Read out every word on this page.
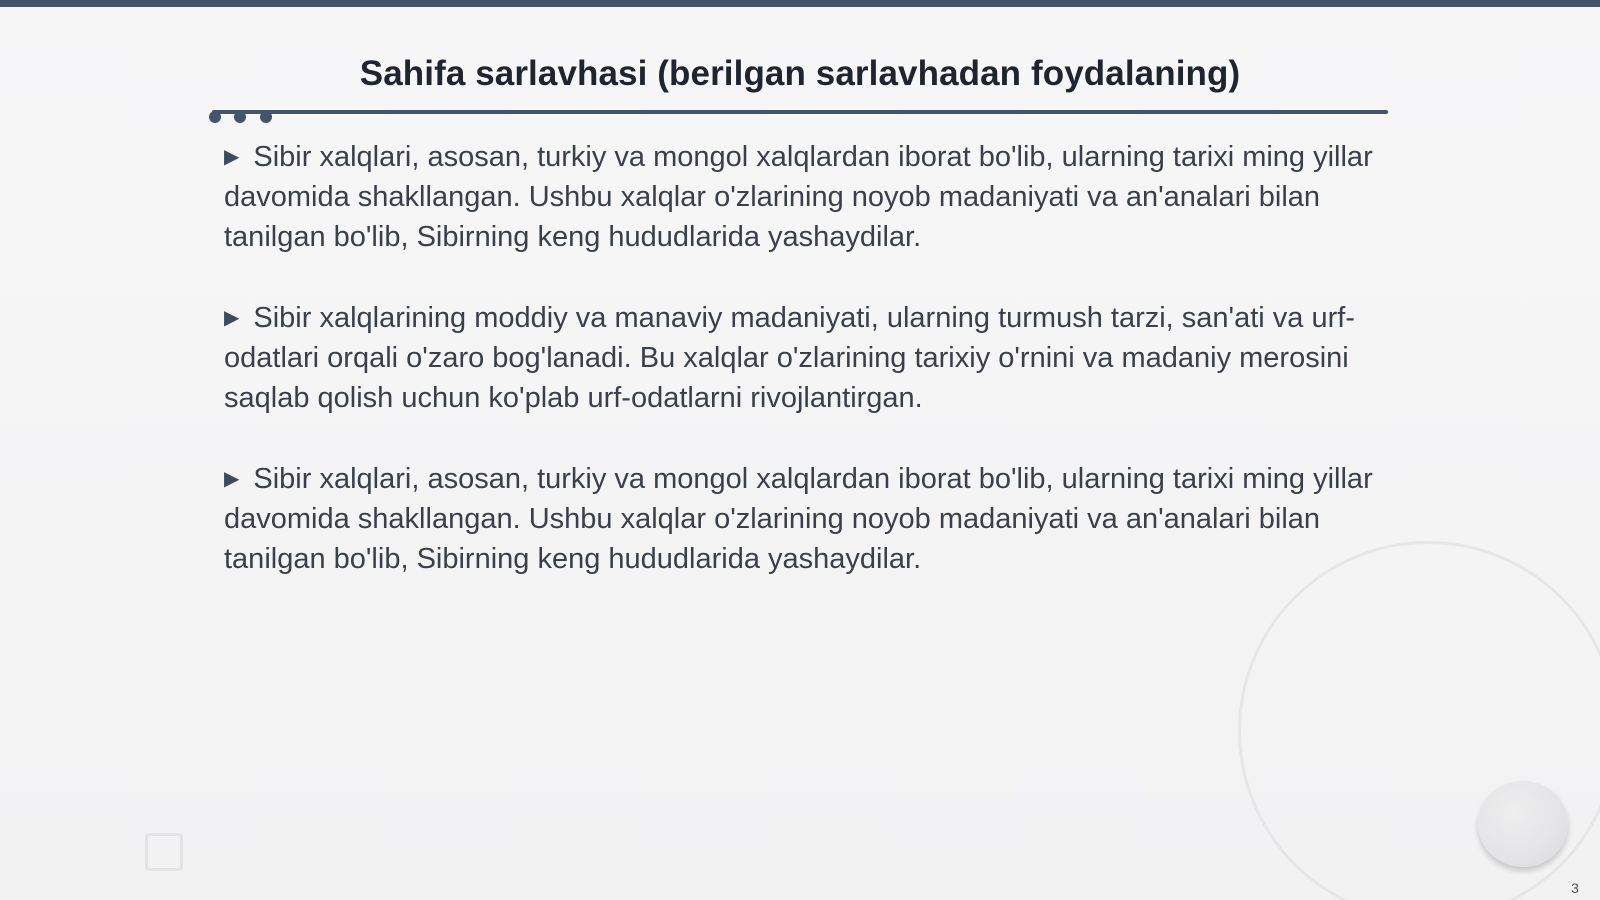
Sahifa sarlavhasi (berilgan sarlavhadan foydalaning)
▶ Sibir xalqlari, asosan, turkiy va mongol xalqlardan iborat bo'lib, ularning tarixi ming yillar davomida shakllangan. Ushbu xalqlar o'zlarining noyob madaniyati va an'analari bilan tanilgan bo'lib, Sibirning keng hududlarida yashaydilar.
▶ Sibir xalqlarining moddiy va manaviy madaniyati, ularning turmush tarzi, san'ati va urf-odatlari orqali o'zaro bog'lanadi. Bu xalqlar o'zlarining tarixiy o'rnini va madaniy merosini saqlab qolish uchun ko'plab urf-odatlarni rivojlantirgan.
▶ Sibir xalqlari, asosan, turkiy va mongol xalqlardan iborat bo'lib, ularning tarixi ming yillar davomida shakllangan. Ushbu xalqlar o'zlarining noyob madaniyati va an'analari bilan tanilgan bo'lib, Sibirning keng hududlarida yashaydilar.
3
